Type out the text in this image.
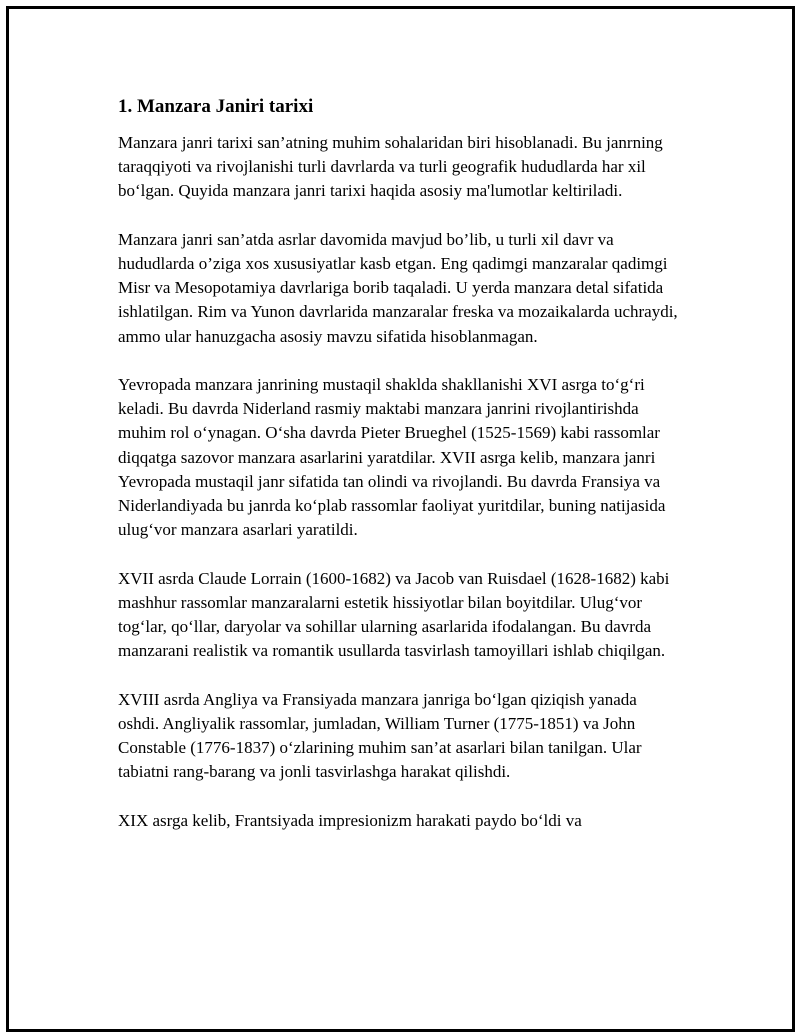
1. Manzara Janiri tarixi

Manzara janri tarixi san’atning muhim sohalaridan biri hisoblanadi. Bu janrning taraqqiyoti va rivojlanishi turli davrlarda va turli geografik hududlarda har xil bo‘lgan. Quyida manzara janri tarixi haqida asosiy ma'lumotlar keltiriladi.

Manzara janri san’atda asrlar davomida mavjud bo’lib, u turli xil davr va hududlarda o’ziga xos xususiyatlar kasb etgan. Eng qadimgi manzaralar qadimgi Misr va Mesopotamiya davrlariga borib taqaladi. U yerda manzara detal sifatida ishlatilgan. Rim va Yunon davrlarida manzaralar freska va mozaikalarda uchraydi, ammo ular hanuzgacha asosiy mavzu sifatida hisoblanmagan.

Yevropada manzara janrining mustaqil shaklda shakllanishi XVI asrga to‘g‘ri keladi. Bu davrda Niderland rasmiy maktabi manzara janrini rivojlantirishda muhim rol o‘ynagan. O‘sha davrda Pieter Brueghel (1525-1569) kabi rassomlar diqqatga sazovor manzara asarlarini yaratdilar. XVII asrga kelib, manzara janri Yevropada mustaqil janr sifatida tan olindi va rivojlandi. Bu davrda Fransiya va Niderlandiyada bu janrda ko‘plab rassomlar faoliyat yuritdilar, buning natijasida ulug‘vor manzara asarlari yaratildi.

XVII asrda Claude Lorrain (1600-1682) va Jacob van Ruisdael (1628-1682) kabi mashhur rassomlar manzaralarni estetik hissiyotlar bilan boyitdilar. Ulug‘vor tog‘lar, qo‘llar, daryolar va sohillar ularning asarlarida ifodalangan. Bu davrda manzarani realistik va romantik usullarda tasvirlash tamoyillari ishlab chiqilgan.

XVIII asrda Angliya va Fransiyada manzara janriga bo‘lgan qiziqish yanada oshdi. Angliyalik rassomlar, jumladan, William Turner (1775-1851) va John Constable (1776-1837) o‘zlarining muhim san’at asarlari bilan tanilgan. Ular tabiatni rang-barang va jonli tasvirlashga harakat qilishdi.

XIX asrga kelib, Frantsiyada impresionizm harakati paydo bo‘ldi va
